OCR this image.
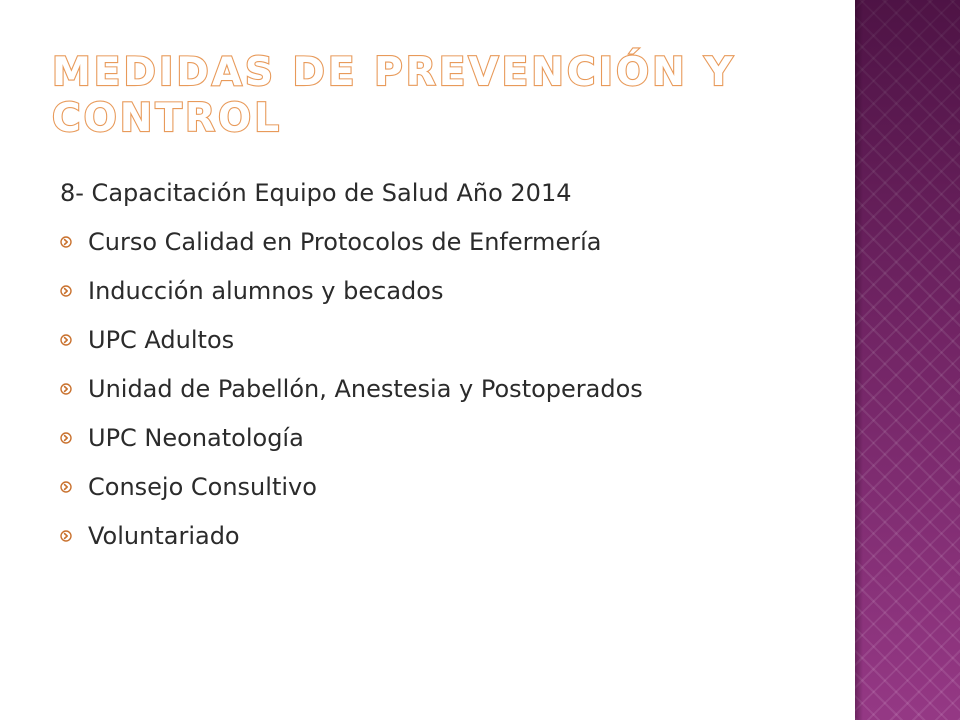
MEDIDAS DE PREVENCIÓN Y CONTROL

8- Capacitación Equipo de Salud Año 2014

Curso Calidad en Protocolos de Enfermería
Inducción alumnos y becados
UPC Adultos
Unidad de Pabellón, Anestesia y Postoperados
UPC Neonatología
Consejo Consultivo
Voluntariado
